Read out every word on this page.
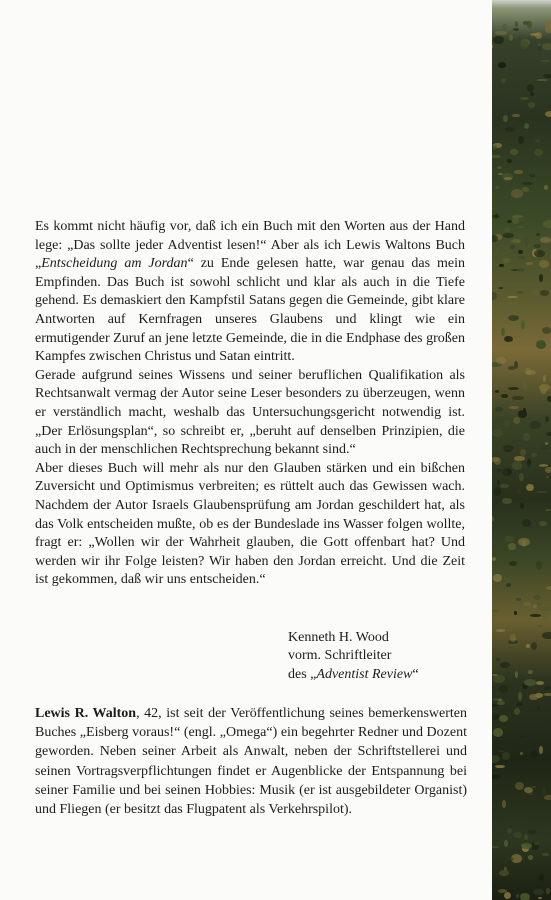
Es kommt nicht häufig vor, daß ich ein Buch mit den Worten aus der Hand lege: „Das sollte jeder Adventist lesen!“ Aber als ich Lewis Waltons Buch „Entscheidung am Jordan“ zu Ende gelesen hatte, war genau das mein Empfinden. Das Buch ist sowohl schlicht und klar als auch in die Tiefe gehend. Es demaskiert den Kampfstil Satans gegen die Gemeinde, gibt klare Antworten auf Kernfragen unseres Glaubens und klingt wie ein ermutigender Zuruf an jene letzte Gemeinde, die in die Endphase des großen Kampfes zwischen Christus und Satan eintritt.

Gerade aufgrund seines Wissens und seiner beruflichen Qualifikation als Rechtsanwalt vermag der Autor seine Leser besonders zu überzeugen, wenn er verständlich macht, weshalb das Untersuchungsgericht notwendig ist. „Der Erlösungsplan“, so schreibt er, „beruht auf denselben Prinzipien, die auch in der menschlichen Rechtsprechung bekannt sind.“

Aber dieses Buch will mehr als nur den Glauben stärken und ein bißchen Zuversicht und Optimismus verbreiten; es rüttelt auch das Gewissen wach. Nachdem der Autor Israels Glaubensprüfung am Jordan geschildert hat, als das Volk entscheiden mußte, ob es der Bundeslade ins Wasser folgen wollte, fragt er: „Wollen wir der Wahrheit glauben, die Gott offenbart hat? Und werden wir ihr Folge leisten? Wir haben den Jordan erreicht. Und die Zeit ist gekommen, daß wir uns entscheiden.“

Kenneth H. Wood
vorm. Schriftleiter
des „Adventist Review“
Lewis R. Walton, 42, ist seit der Veröffentlichung seines bemerkenswerten Buches „Eisberg voraus!“ (engl. „Omega“) ein begehrter Redner und Dozent geworden. Neben seiner Arbeit als Anwalt, neben der Schriftstellerei und seinen Vortragsverpflichtungen findet er Augenblicke der Entspannung bei seiner Familie und bei seinen Hobbies: Musik (er ist ausgebildeter Organist) und Fliegen (er besitzt das Flugpatent als Verkehrspilot).
